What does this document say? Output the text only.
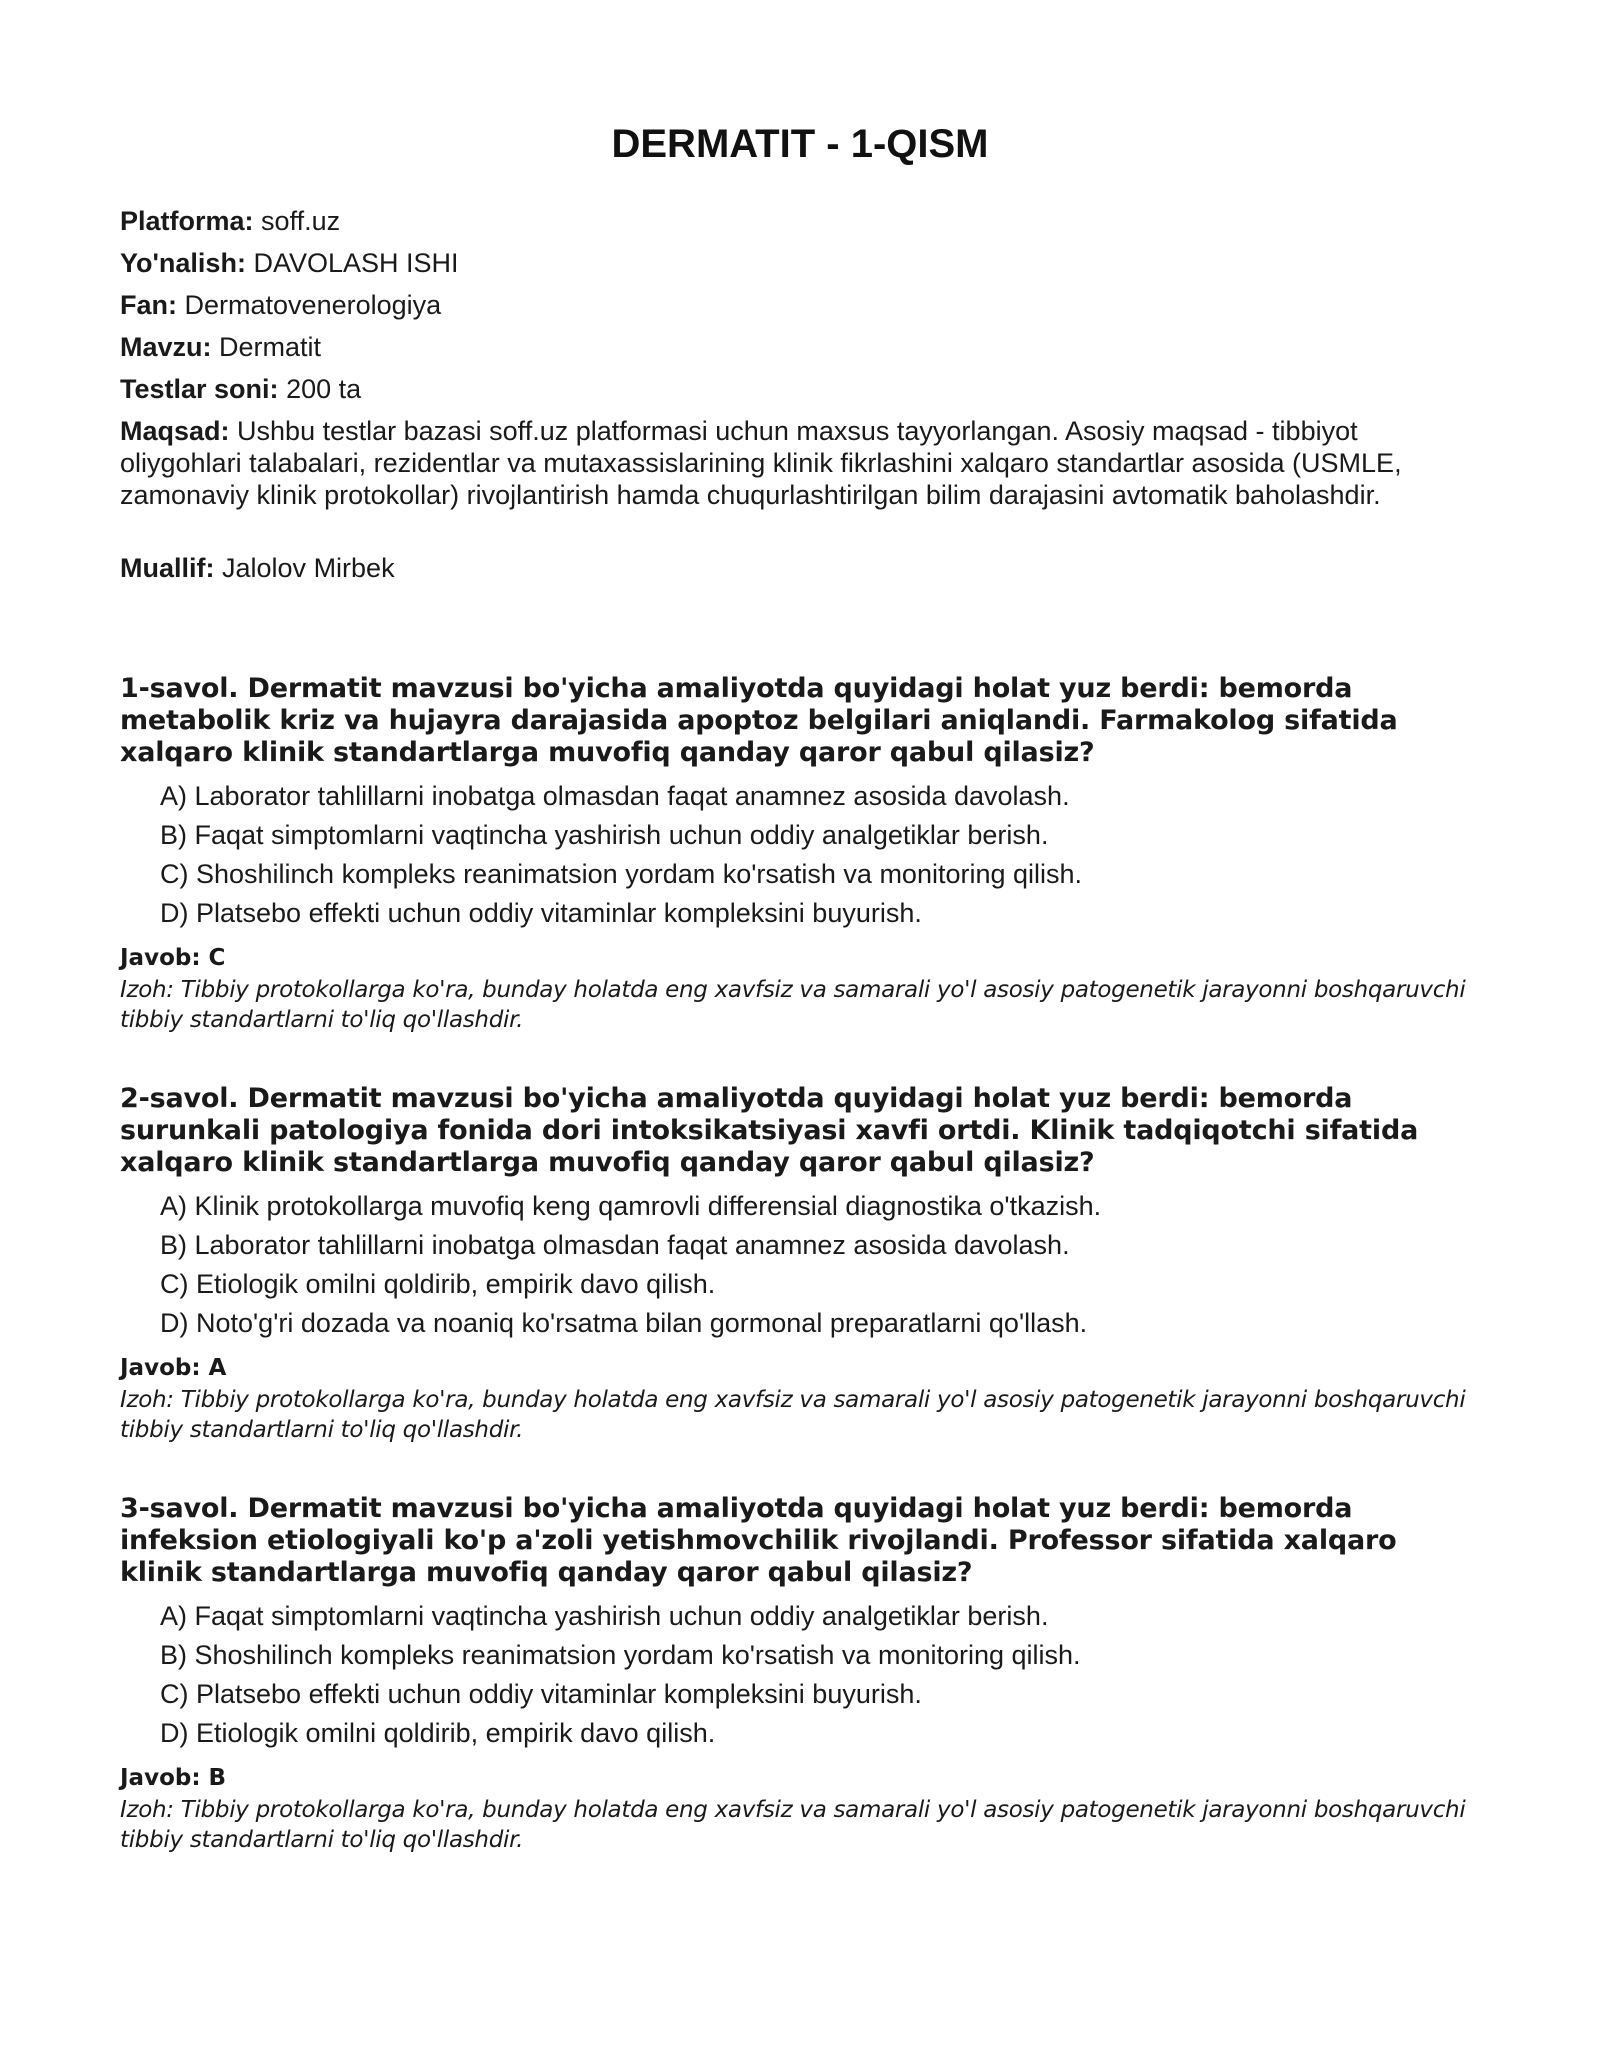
DERMATIT - 1-QISM
Platforma: soff.uz
Yo'nalish: DAVOLASH ISHI
Fan: Dermatovenerologiya
Mavzu: Dermatit
Testlar soni: 200 ta
Maqsad: Ushbu testlar bazasi soff.uz platformasi uchun maxsus tayyorlangan. Asosiy maqsad - tibbiyot oliygohlari talabalari, rezidentlar va mutaxassislarining klinik fikrlashini xalqaro standartlar asosida (USMLE, zamonaviy klinik protokollar) rivojlantirish hamda chuqurlashtirilgan bilim darajasini avtomatik baholashdir.
Muallif: Jalolov Mirbek
1-savol. Dermatit mavzusi bo'yicha amaliyotda quyidagi holat yuz berdi: bemorda metabolik kriz va hujayra darajasida apoptoz belgilari aniqlandi. Farmakolog sifatida xalqaro klinik standartlarga muvofiq qanday qaror qabul qilasiz?
A) Laborator tahlillarni inobatga olmasdan faqat anamnez asosida davolash.
B) Faqat simptomlarni vaqtincha yashirish uchun oddiy analgetiklar berish.
C) Shoshilinch kompleks reanimatsion yordam ko'rsatish va monitoring qilish.
D) Platsebo effekti uchun oddiy vitaminlar kompleksini buyurish.
Javob: C
Izoh: Tibbiy protokollarga ko'ra, bunday holatda eng xavfsiz va samarali yo'l asosiy patogenetik jarayonni boshqaruvchi tibbiy standartlarni to'liq qo'llashdir.
2-savol. Dermatit mavzusi bo'yicha amaliyotda quyidagi holat yuz berdi: bemorda surunkali patologiya fonida dori intoksikatsiyasi xavfi ortdi. Klinik tadqiqotchi sifatida xalqaro klinik standartlarga muvofiq qanday qaror qabul qilasiz?
A) Klinik protokollarga muvofiq keng qamrovli differensial diagnostika o'tkazish.
B) Laborator tahlillarni inobatga olmasdan faqat anamnez asosida davolash.
C) Etiologik omilni qoldirib, empirik davo qilish.
D) Noto'g'ri dozada va noaniq ko'rsatma bilan gormonal preparatlarni qo'llash.
Javob: A
Izoh: Tibbiy protokollarga ko'ra, bunday holatda eng xavfsiz va samarali yo'l asosiy patogenetik jarayonni boshqaruvchi tibbiy standartlarni to'liq qo'llashdir.
3-savol. Dermatit mavzusi bo'yicha amaliyotda quyidagi holat yuz berdi: bemorda infeksion etiologiyali ko'p a'zoli yetishmovchilik rivojlandi. Professor sifatida xalqaro klinik standartlarga muvofiq qanday qaror qabul qilasiz?
A) Faqat simptomlarni vaqtincha yashirish uchun oddiy analgetiklar berish.
B) Shoshilinch kompleks reanimatsion yordam ko'rsatish va monitoring qilish.
C) Platsebo effekti uchun oddiy vitaminlar kompleksini buyurish.
D) Etiologik omilni qoldirib, empirik davo qilish.
Javob: B
Izoh: Tibbiy protokollarga ko'ra, bunday holatda eng xavfsiz va samarali yo'l asosiy patogenetik jarayonni boshqaruvchi tibbiy standartlarni to'liq qo'llashdir.
